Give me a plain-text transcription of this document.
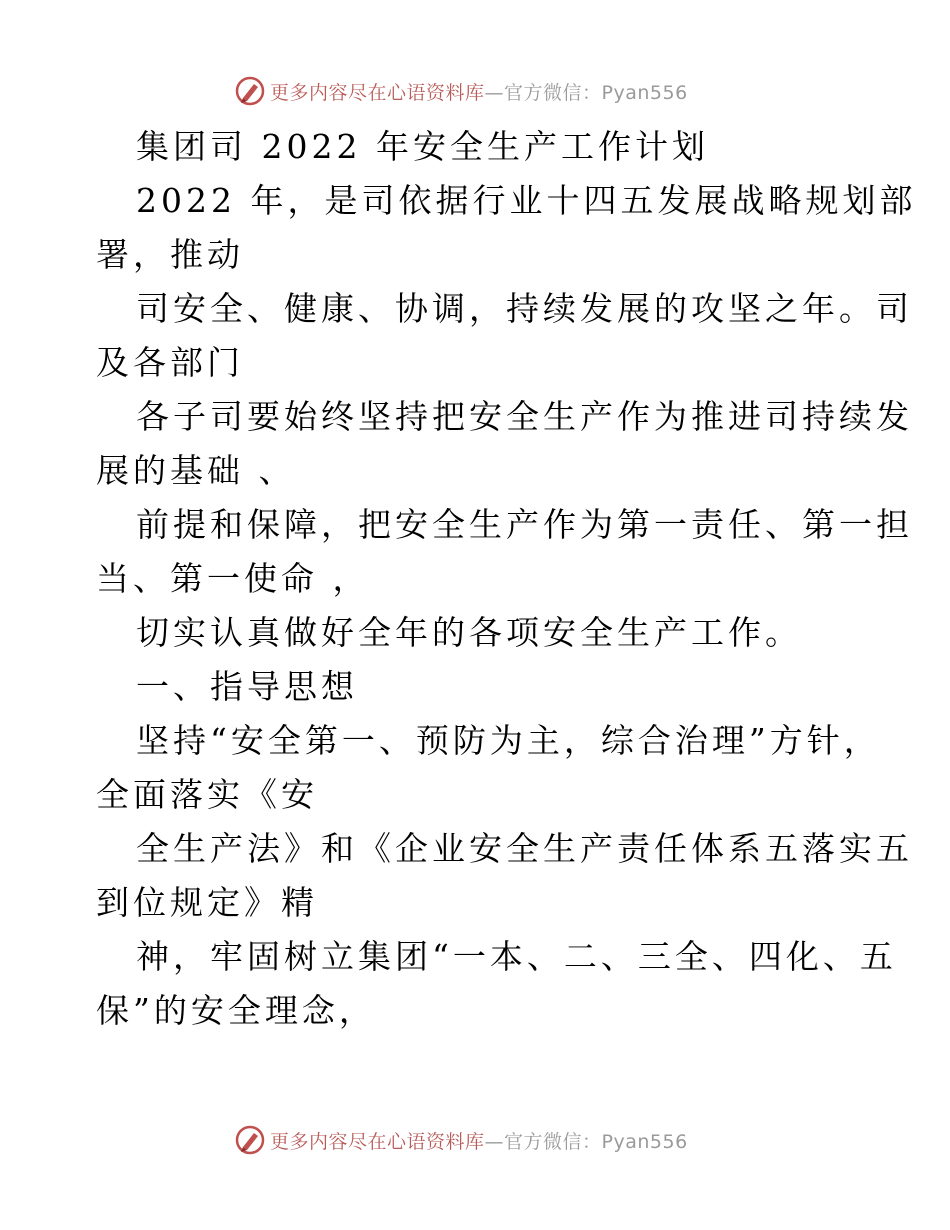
更多内容尽在心语资料库—官方微信：Pyan556
集团司 2022 年安全生产工作计划
2022 年，是司依据行业十四五发展战略规划部
署，推动
司安全、健康、协调，持续发展的攻坚之年。司
及各部门
各子司要始终坚持把安全生产作为推进司持续发
展的基础 、
前提和保障，把安全生产作为第一责任、第一担
当、第一使命 ，
切实认真做好全年的各项安全生产工作。
一、指导思想
坚持“安全第一、预防为主，综合治理”方针，
全面落实《安
全生产法》和《企业安全生产责任体系五落实五
到位规定》精
神，牢固树立集团“一本、二、三全、四化、五
保”的安全理念，
更多内容尽在心语资料库—官方微信：Pyan556
